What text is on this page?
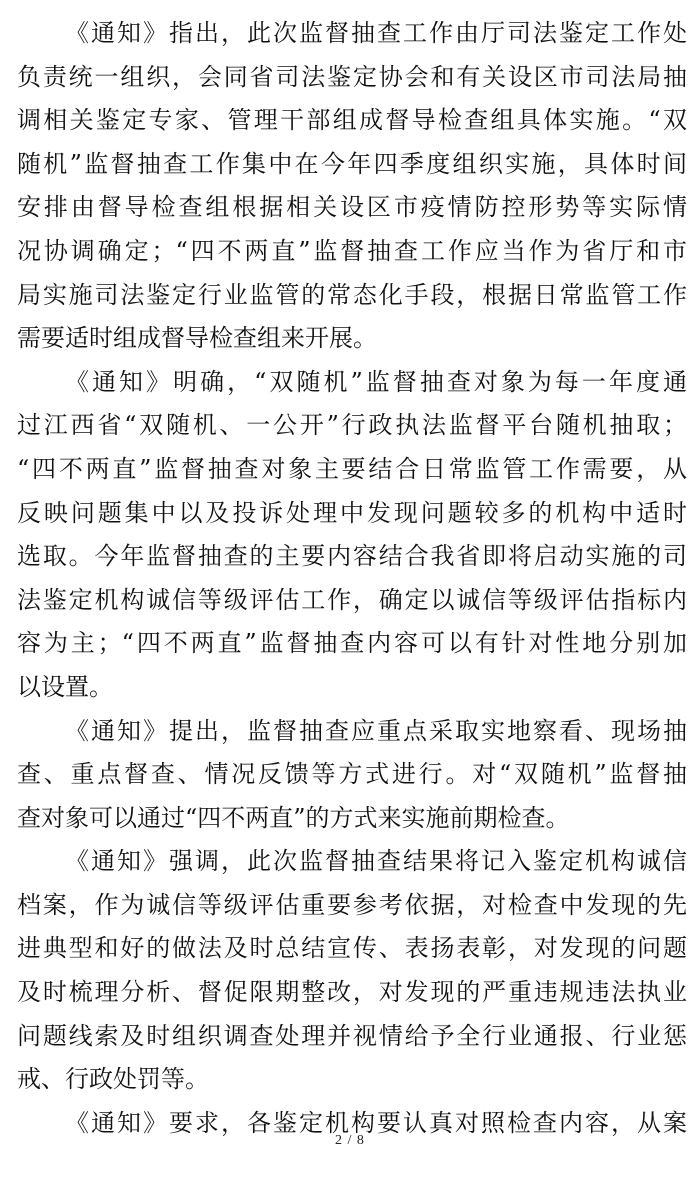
《通知》指出，此次监督抽查工作由厅司法鉴定工作处
负责统一组织，会同省司法鉴定协会和有关设区市司法局抽
调相关鉴定专家、管理干部组成督导检查组具体实施。“双
随机”监督抽查工作集中在今年四季度组织实施，具体时间
安排由督导检查组根据相关设区市疫情防控形势等实际情
况协调确定；“四不两直”监督抽查工作应当作为省厅和市
局实施司法鉴定行业监管的常态化手段，根据日常监管工作
需要适时组成督导检查组来开展。
《通知》明确，“双随机”监督抽查对象为每一年度通
过江西省“双随机、一公开”行政执法监督平台随机抽取；
“四不两直”监督抽查对象主要结合日常监管工作需要，从
反映问题集中以及投诉处理中发现问题较多的机构中适时
选取。今年监督抽查的主要内容结合我省即将启动实施的司
法鉴定机构诚信等级评估工作，确定以诚信等级评估指标内
容为主；“四不两直”监督抽查内容可以有针对性地分别加
以设置。
《通知》提出，监督抽查应重点采取实地察看、现场抽
查、重点督查、情况反馈等方式进行。对“双随机”监督抽
查对象可以通过“四不两直”的方式来实施前期检查。
《通知》强调，此次监督抽查结果将记入鉴定机构诚信
档案，作为诚信等级评估重要参考依据，对检查中发现的先
进典型和好的做法及时总结宣传、表扬表彰，对发现的问题
及时梳理分析、督促限期整改，对发现的严重违规违法执业
问题线索及时组织调查处理并视情给予全行业通报、行业惩
戒、行政处罚等。
《通知》要求，各鉴定机构要认真对照检查内容，从案
2 / 8
